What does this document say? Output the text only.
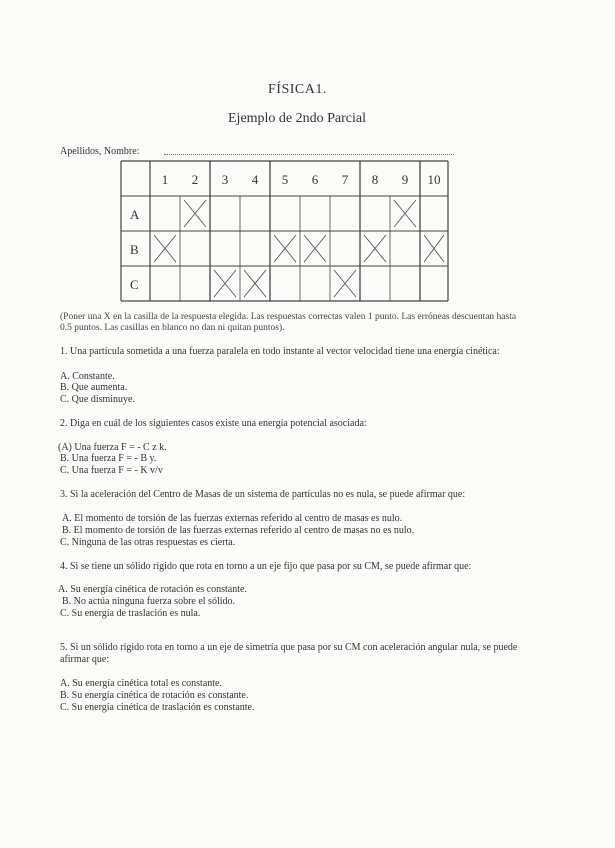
FÍSICA1.
Ejemplo de 2ndo Parcial
Apellidos, Nombre:
1 2 3 4 5 6 7 8 9 10
A
B
C
(Poner una X en la casilla de la respuesta elegida. Las respuestas correctas valen 1 punto. Las erróneas descuentan hasta 0.5 puntos. Las casillas en blanco no dan ni quitan puntos).
1. Una partícula sometida a una fuerza paralela en todo instante al vector velocidad tiene una energía cinética:
A. Constante.
B. Que aumenta.
C. Que disminuye.
2. Diga en cuál de los siguientes casos existe una energía potencial asociada:
(A) Una fuerza F = - C z k.
B. Una fuerza F = - B y.
C. Una fuerza F = - K v/v
3. Si la aceleración del Centro de Masas de un sistema de partículas no es nula, se puede afirmar que:
A. El momento de torsión de las fuerzas externas referido al centro de masas es nulo.
B. El momento de torsión de las fuerzas externas referido al centro de masas no es nulo.
C. Ninguna de las otras respuestas es cierta.
4. Si se tiene un sólido rígido que rota en torno a un eje fijo que pasa por su CM, se puede afirmar que:
A. Su energía cinética de rotación es constante.
B. No actúa ninguna fuerza sobre el sólido.
C. Su energía de traslación es nula.
5. Si un sólido rígido rota en torno a un eje de simetría que pasa por su CM con aceleración angular nula, se puede afirmar que:
A. Su energía cinética total es constante.
B. Su energía cinética de rotación es constante.
C. Su energía cinética de traslación es constante.
